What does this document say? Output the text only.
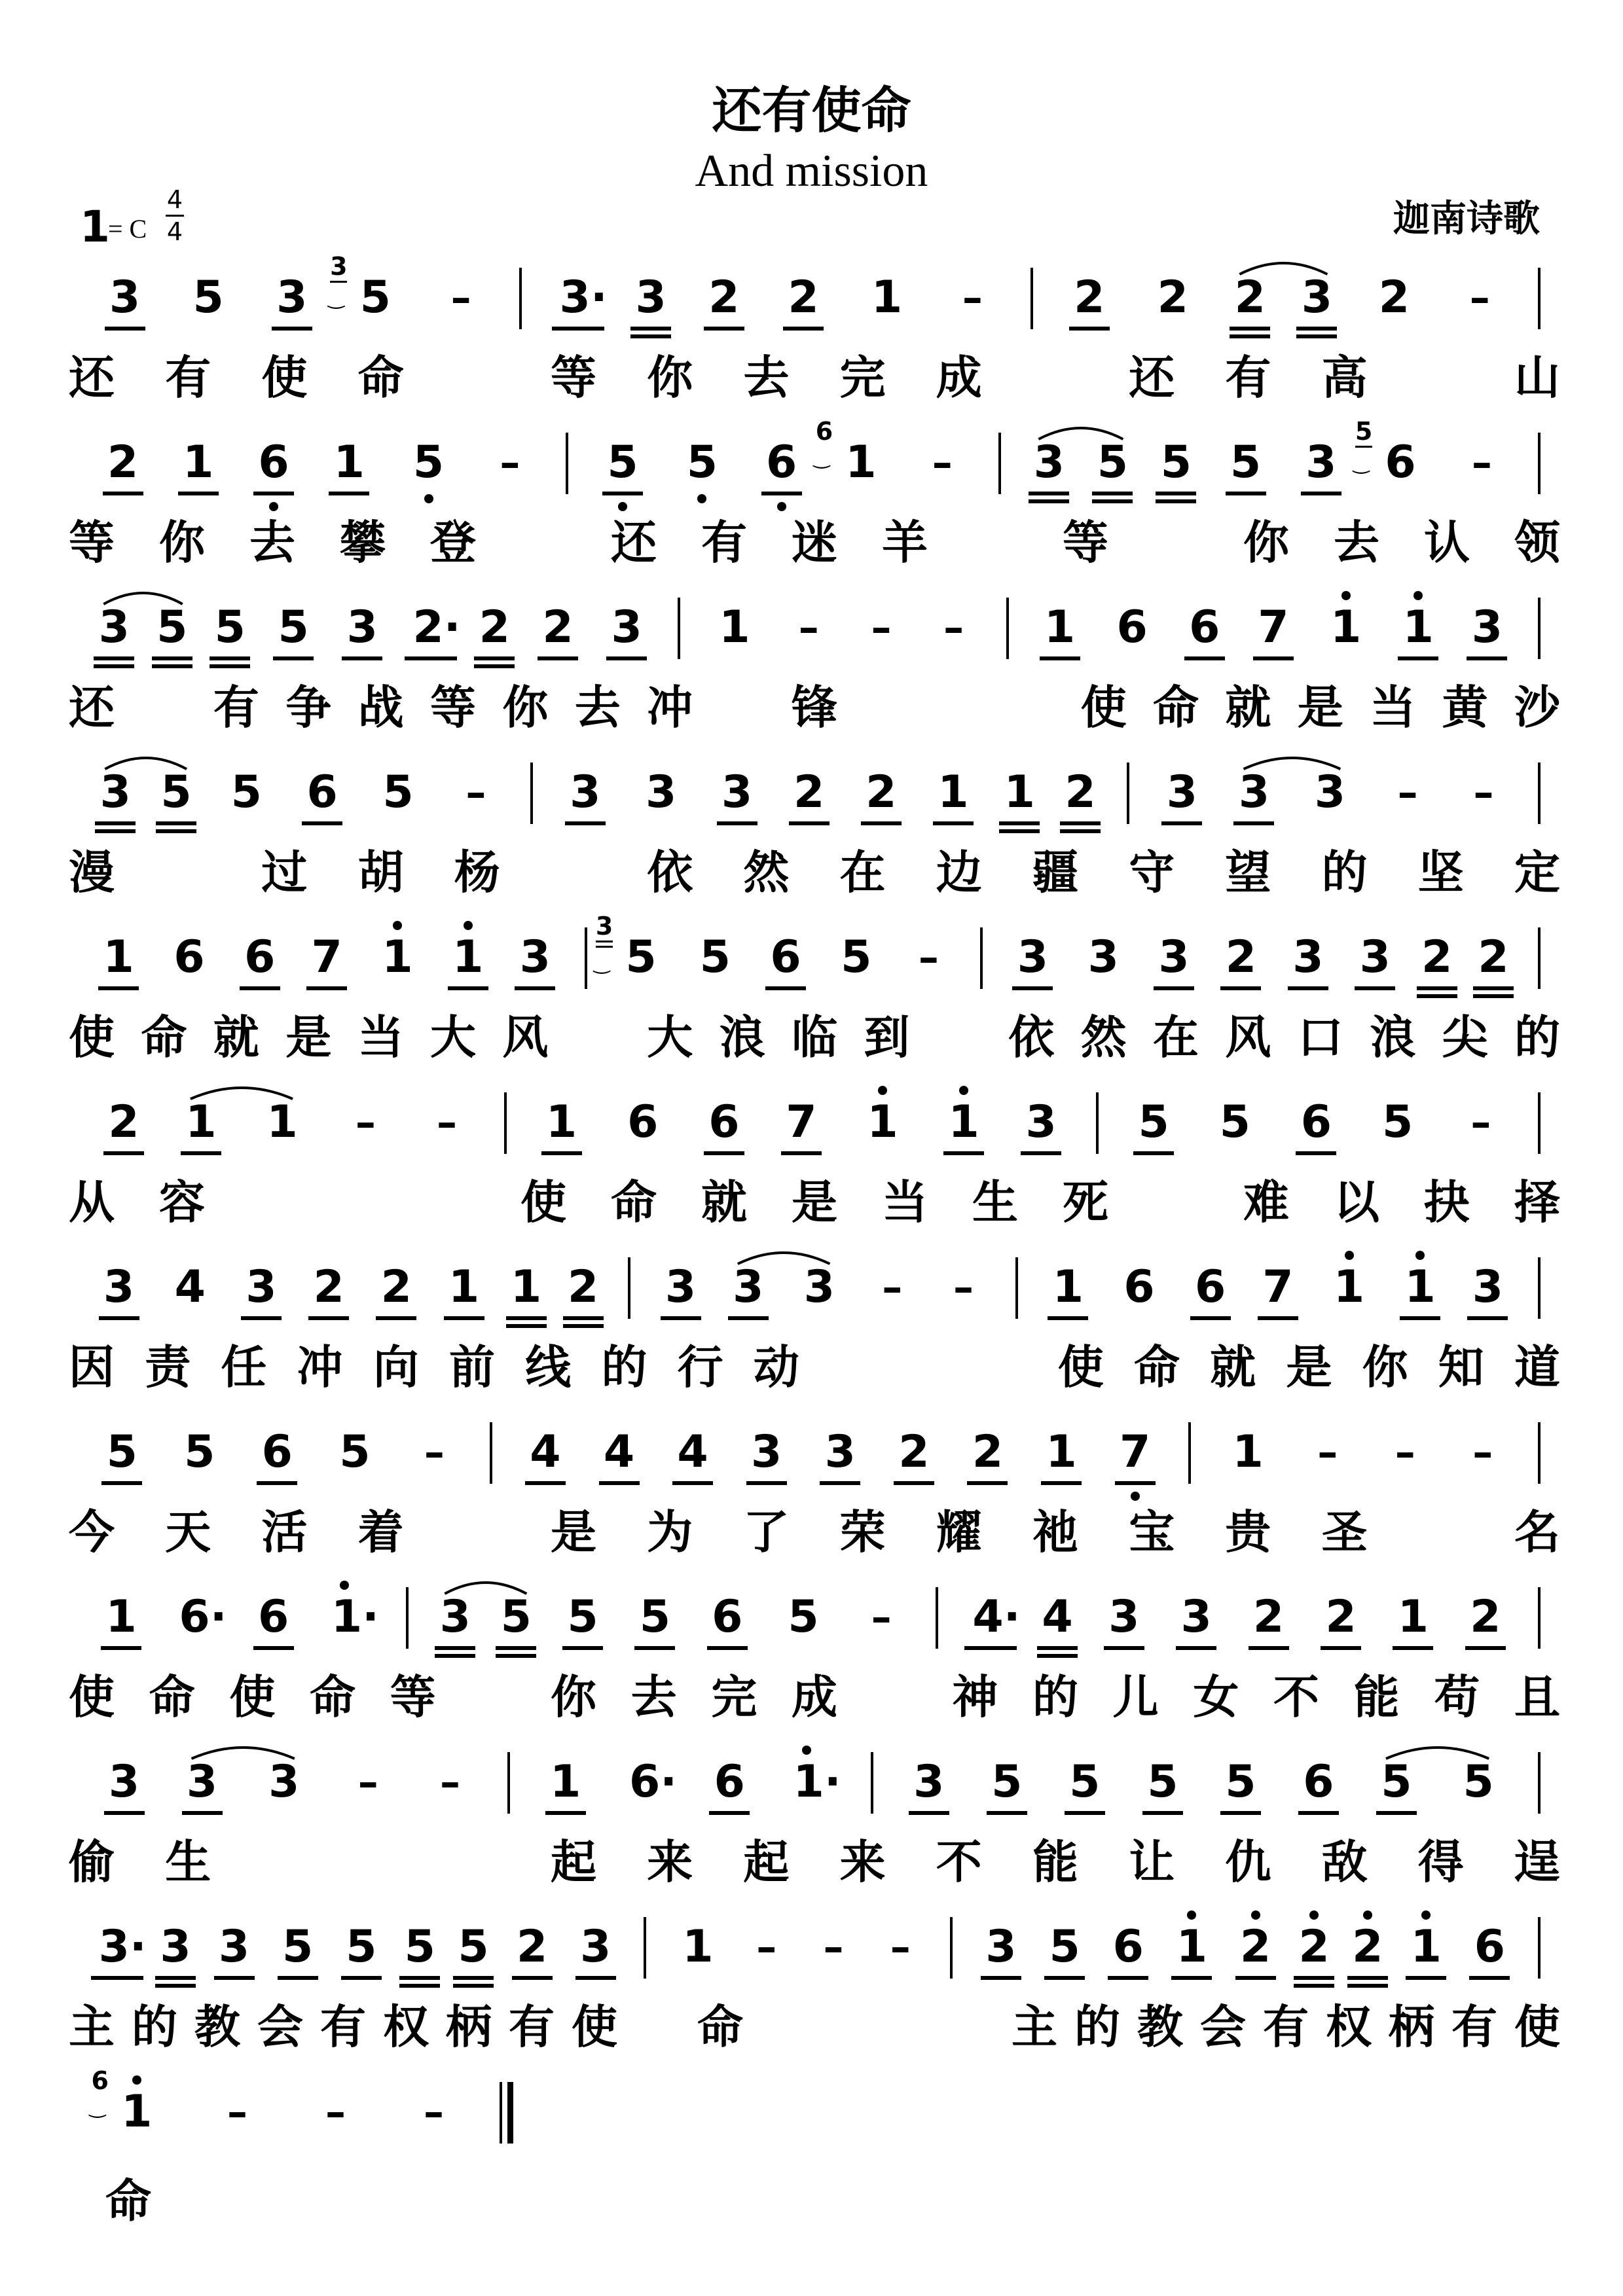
还有使命
And mission
迦南诗歌
1
= C
4
4
3 5 3 5
3
‿	– 3· 3 2 2 1 – 2 2 2 3 2 –
还 有 使 命	等 你 去 完 成	还 有 高	山
2 1 6 1 5 – 5 5 6 1
6
‿	– 3 5 5 5 3 6
5
‿	–
等 你 去 攀 登	还 有 迷 羊	等	你 去 认 领
3 5 5 5 3 2· 2 2 3 1 – – – 1 6 6 7 1 1 3
还 有 争 战 等 你 去 冲 锋	使 命 就 是 当 黄 沙
3 5 5 6 5 – 3 3 3 2 2 1 1 2 3 3 3 – –
漫	过 胡 杨	依 然 在 边 疆 守 望 的 坚 定
1 6 6 7 1 1 3 5
3
‿ 5 6 5 – 3 3 3 2 3 3 2 2
使 命 就 是 当 大 风 大 浪 临 到 依 然 在 风 口 浪 尖 的
2 1 1 – – 1 6 6 7 1 1 3 5 5 6 5 –
从 容	使 命 就 是 当 生 死	难 以 抉 择
3 4 3 2 2 1 1 2 3 3 3 – – 1 6 6 7 1 1 3
因 责 任 冲 向 前 线 的 行 动	使 命 就 是 你 知 道
5 5 6 5 – 4 4 4 3 3 2 2 1 7 1 – – –
今 天 活 着	是 为 了 荣 耀 祂 宝 贵 圣	名
1 6· 6 1· 3 5 5 5 6 5 – 4· 4 3 3 2 2 1 2
使 命 使 命 等	你 去 完 成	神 的 儿 女 不 能 苟 且
3 3 3 – – 1 6· 6 1· 3 5 5 5 5 6 5 5
偷 生	起 来 起 来 不 能 让 仇 敌 得 逞
3· 3 3 5 5 5 5 2 3 1 – – – 3 5 6 1 2 2 2 1 6
主 的 教 会 有 权 柄 有 使 命	主 的 教 会 有 权 柄 有 使
1
6
‿	– – –
命
